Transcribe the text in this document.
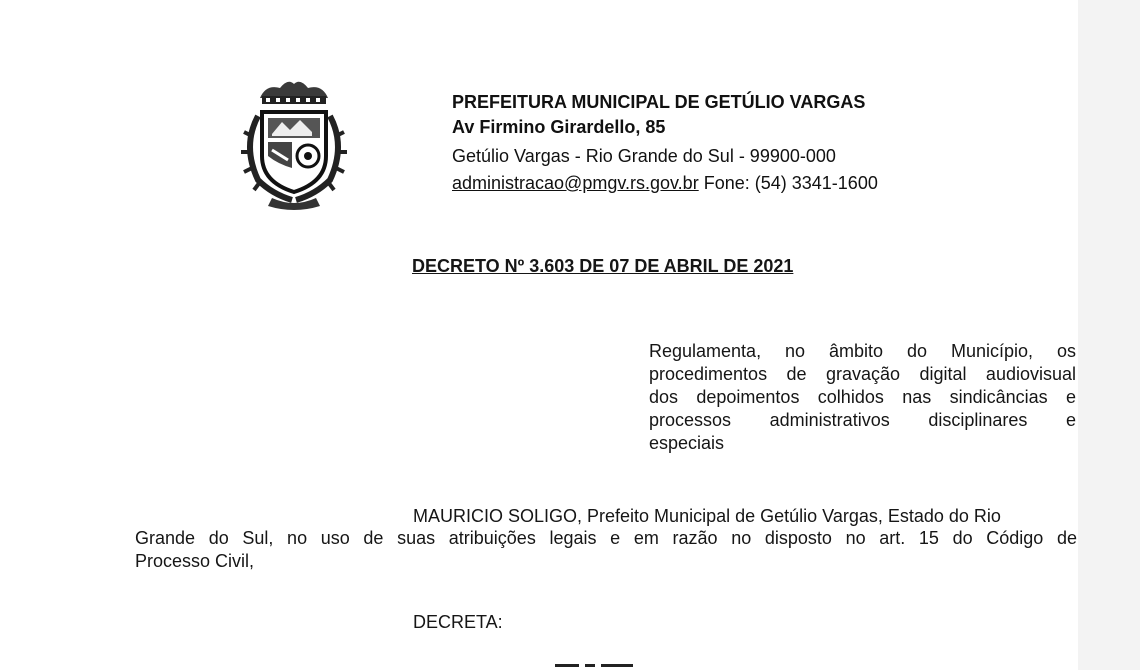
PREFEITURA MUNICIPAL DE GETÚLIO VARGAS
Av Firmino Girardello, 85
Getúlio Vargas - Rio Grande do Sul - 99900-000
administracao@pmgv.rs.gov.br Fone: (54) 3341-1600
DECRETO Nº 3.603 DE 07 DE ABRIL DE 2021
Regulamenta, no âmbito do Município, os
procedimentos de gravação digital audiovisual
dos depoimentos colhidos nas sindicâncias e
processos administrativos disciplinares e
especiais
MAURICIO SOLIGO, Prefeito Municipal de Getúlio Vargas, Estado do Rio
Grande do Sul, no uso de suas atribuições legais e em razão no disposto no art. 15 do Código de
Processo Civil,
DECRETA:
